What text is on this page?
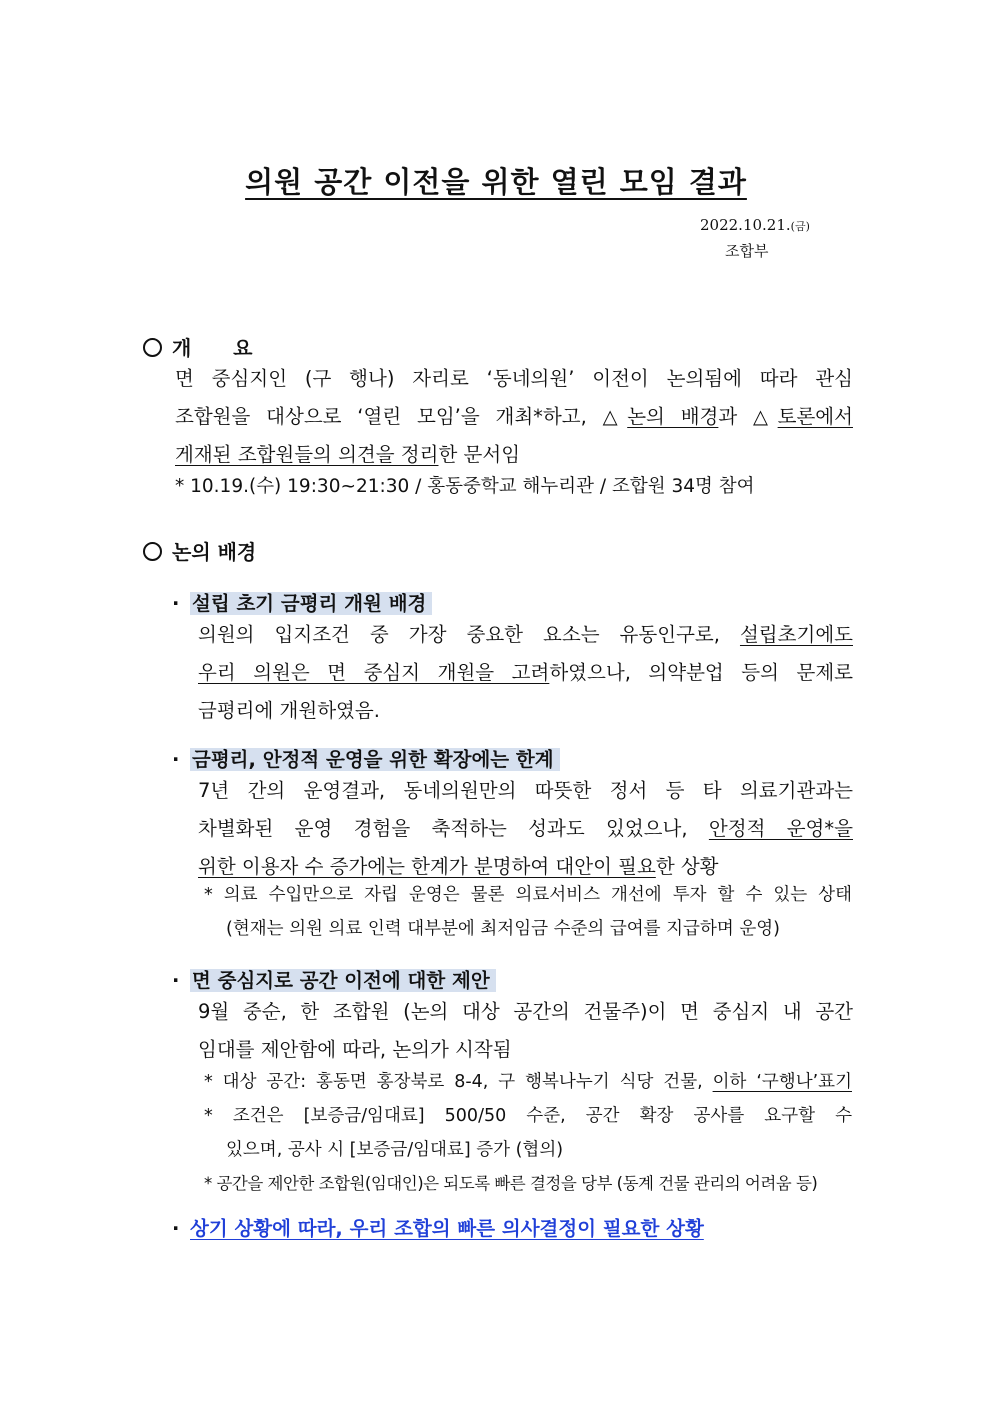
의원 공간 이전을 위한 열린 모임 결과
2022.10.21.(금)
조합부
개      요
면 중심지인 (구 행나) 자리로 ‘동네의원’ 이전이 논의됨에 따라 관심
조합원을 대상으로 ‘열린 모임’을 개최*하고, △논의 배경과 △토론에서
게재된 조합원들의 의견을 정리한 문서임
* 10.19.(수) 19:30~21:30 / 홍동중학교 해누리관 / 조합원 34명 참여
논의 배경
· 설립 초기 금평리 개원 배경
의원의 입지조건 중 가장 중요한 요소는 유동인구로, 설립초기에도
우리 의원은 면 중심지 개원을 고려하였으나, 의약분업 등의 문제로
금평리에 개원하였음.
· 금평리, 안정적 운영을 위한 확장에는 한계
7년 간의 운영결과, 동네의원만의 따뜻한 정서 등 타 의료기관과는
차별화된 운영 경험을 축적하는 성과도 있었으나, 안정적 운영*을
위한 이용자 수 증가에는 한계가 분명하여 대안이 필요한 상황
* 의료 수입만으로 자립 운영은 물론 의료서비스 개선에 투자 할 수 있는 상태
(현재는 의원 의료 인력 대부분에 최저임금 수준의 급여를 지급하며 운영)
· 면 중심지로 공간 이전에 대한 제안
9월 중순, 한 조합원 (논의 대상 공간의 건물주)이 면 중심지 내 공간
임대를 제안함에 따라, 논의가 시작됨
* 대상 공간: 홍동면 홍장북로 8-4, 구 행복나누기 식당 건물, 이하 ‘구행나’표기
* 조건은 [보증금/임대료] 500/50 수준, 공간 확장 공사를 요구할 수
있으며, 공사 시 [보증금/임대료] 증가 (협의)
* 공간을 제안한 조합원(임대인)은 되도록 빠른 결정을 당부 (동계 건물 관리의 어려움 등)
· 상기 상황에 따라, 우리 조합의 빠른 의사결정이 필요한 상황
